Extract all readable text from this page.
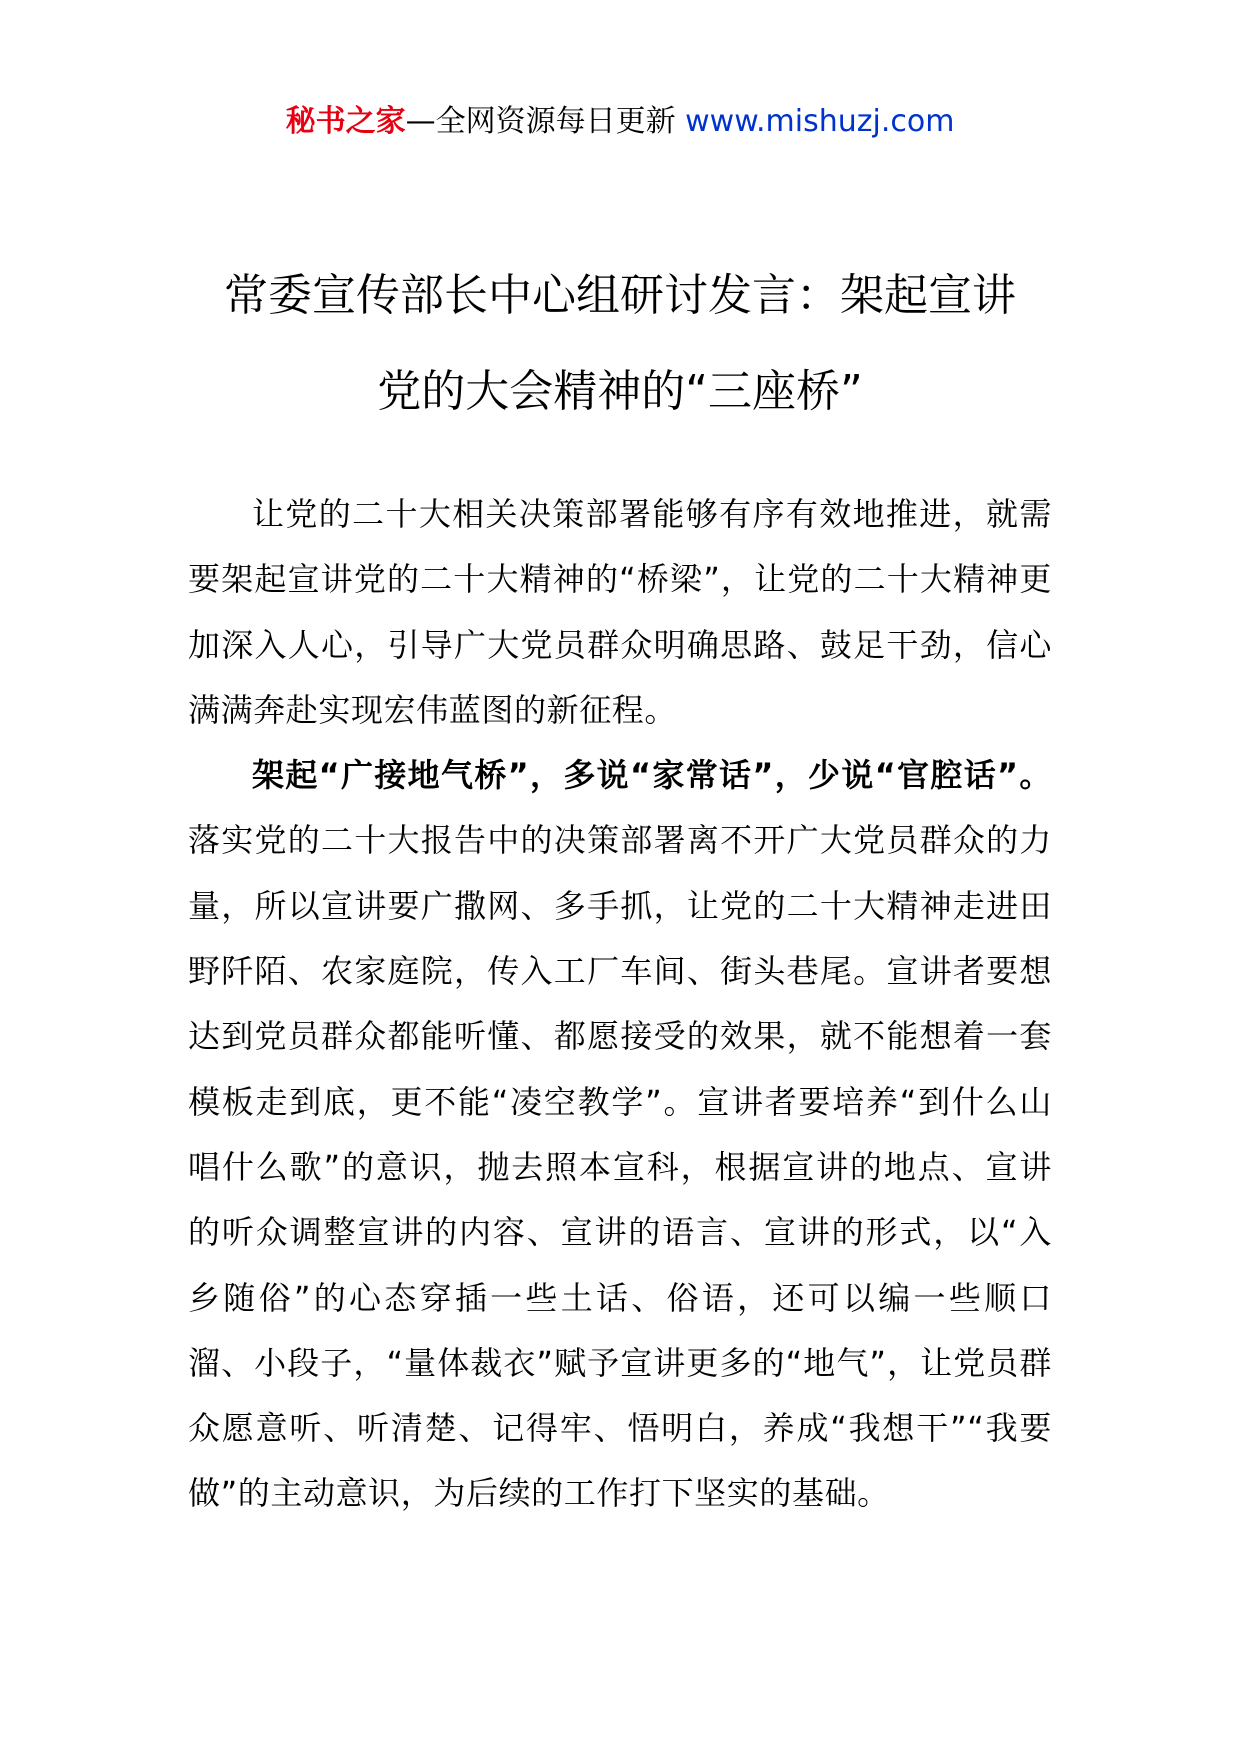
秘书之家—全网资源每日更新 www.mishuzj.com
常委宣传部长中心组研讨发言：架起宣讲
党的大会精神的“三座桥”

让党的二十大相关决策部署能够有序有效地推进，就需要架起宣讲党的二十大精神的“桥梁”，让党的二十大精神更加深入人心，引导广大党员群众明确思路、鼓足干劲，信心满满奔赴实现宏伟蓝图的新征程。

架起“广接地气桥”，多说“家常话”，少说“官腔话”。落实党的二十大报告中的决策部署离不开广大党员群众的力量，所以宣讲要广撒网、多手抓，让党的二十大精神走进田野阡陌、农家庭院，传入工厂车间、街头巷尾。宣讲者要想达到党员群众都能听懂、都愿接受的效果，就不能想着一套模板走到底，更不能“凌空教学”。宣讲者要培养“到什么山唱什么歌”的意识，抛去照本宣科，根据宣讲的地点、宣讲的听众调整宣讲的内容、宣讲的语言、宣讲的形式，以“入乡随俗”的心态穿插一些土话、俗语，还可以编一些顺口溜、小段子，“量体裁衣”赋予宣讲更多的“地气”，让党员群众愿意听、听清楚、记得牢、悟明白，养成“我想干”“我要做”的主动意识，为后续的工作打下坚实的基础。
